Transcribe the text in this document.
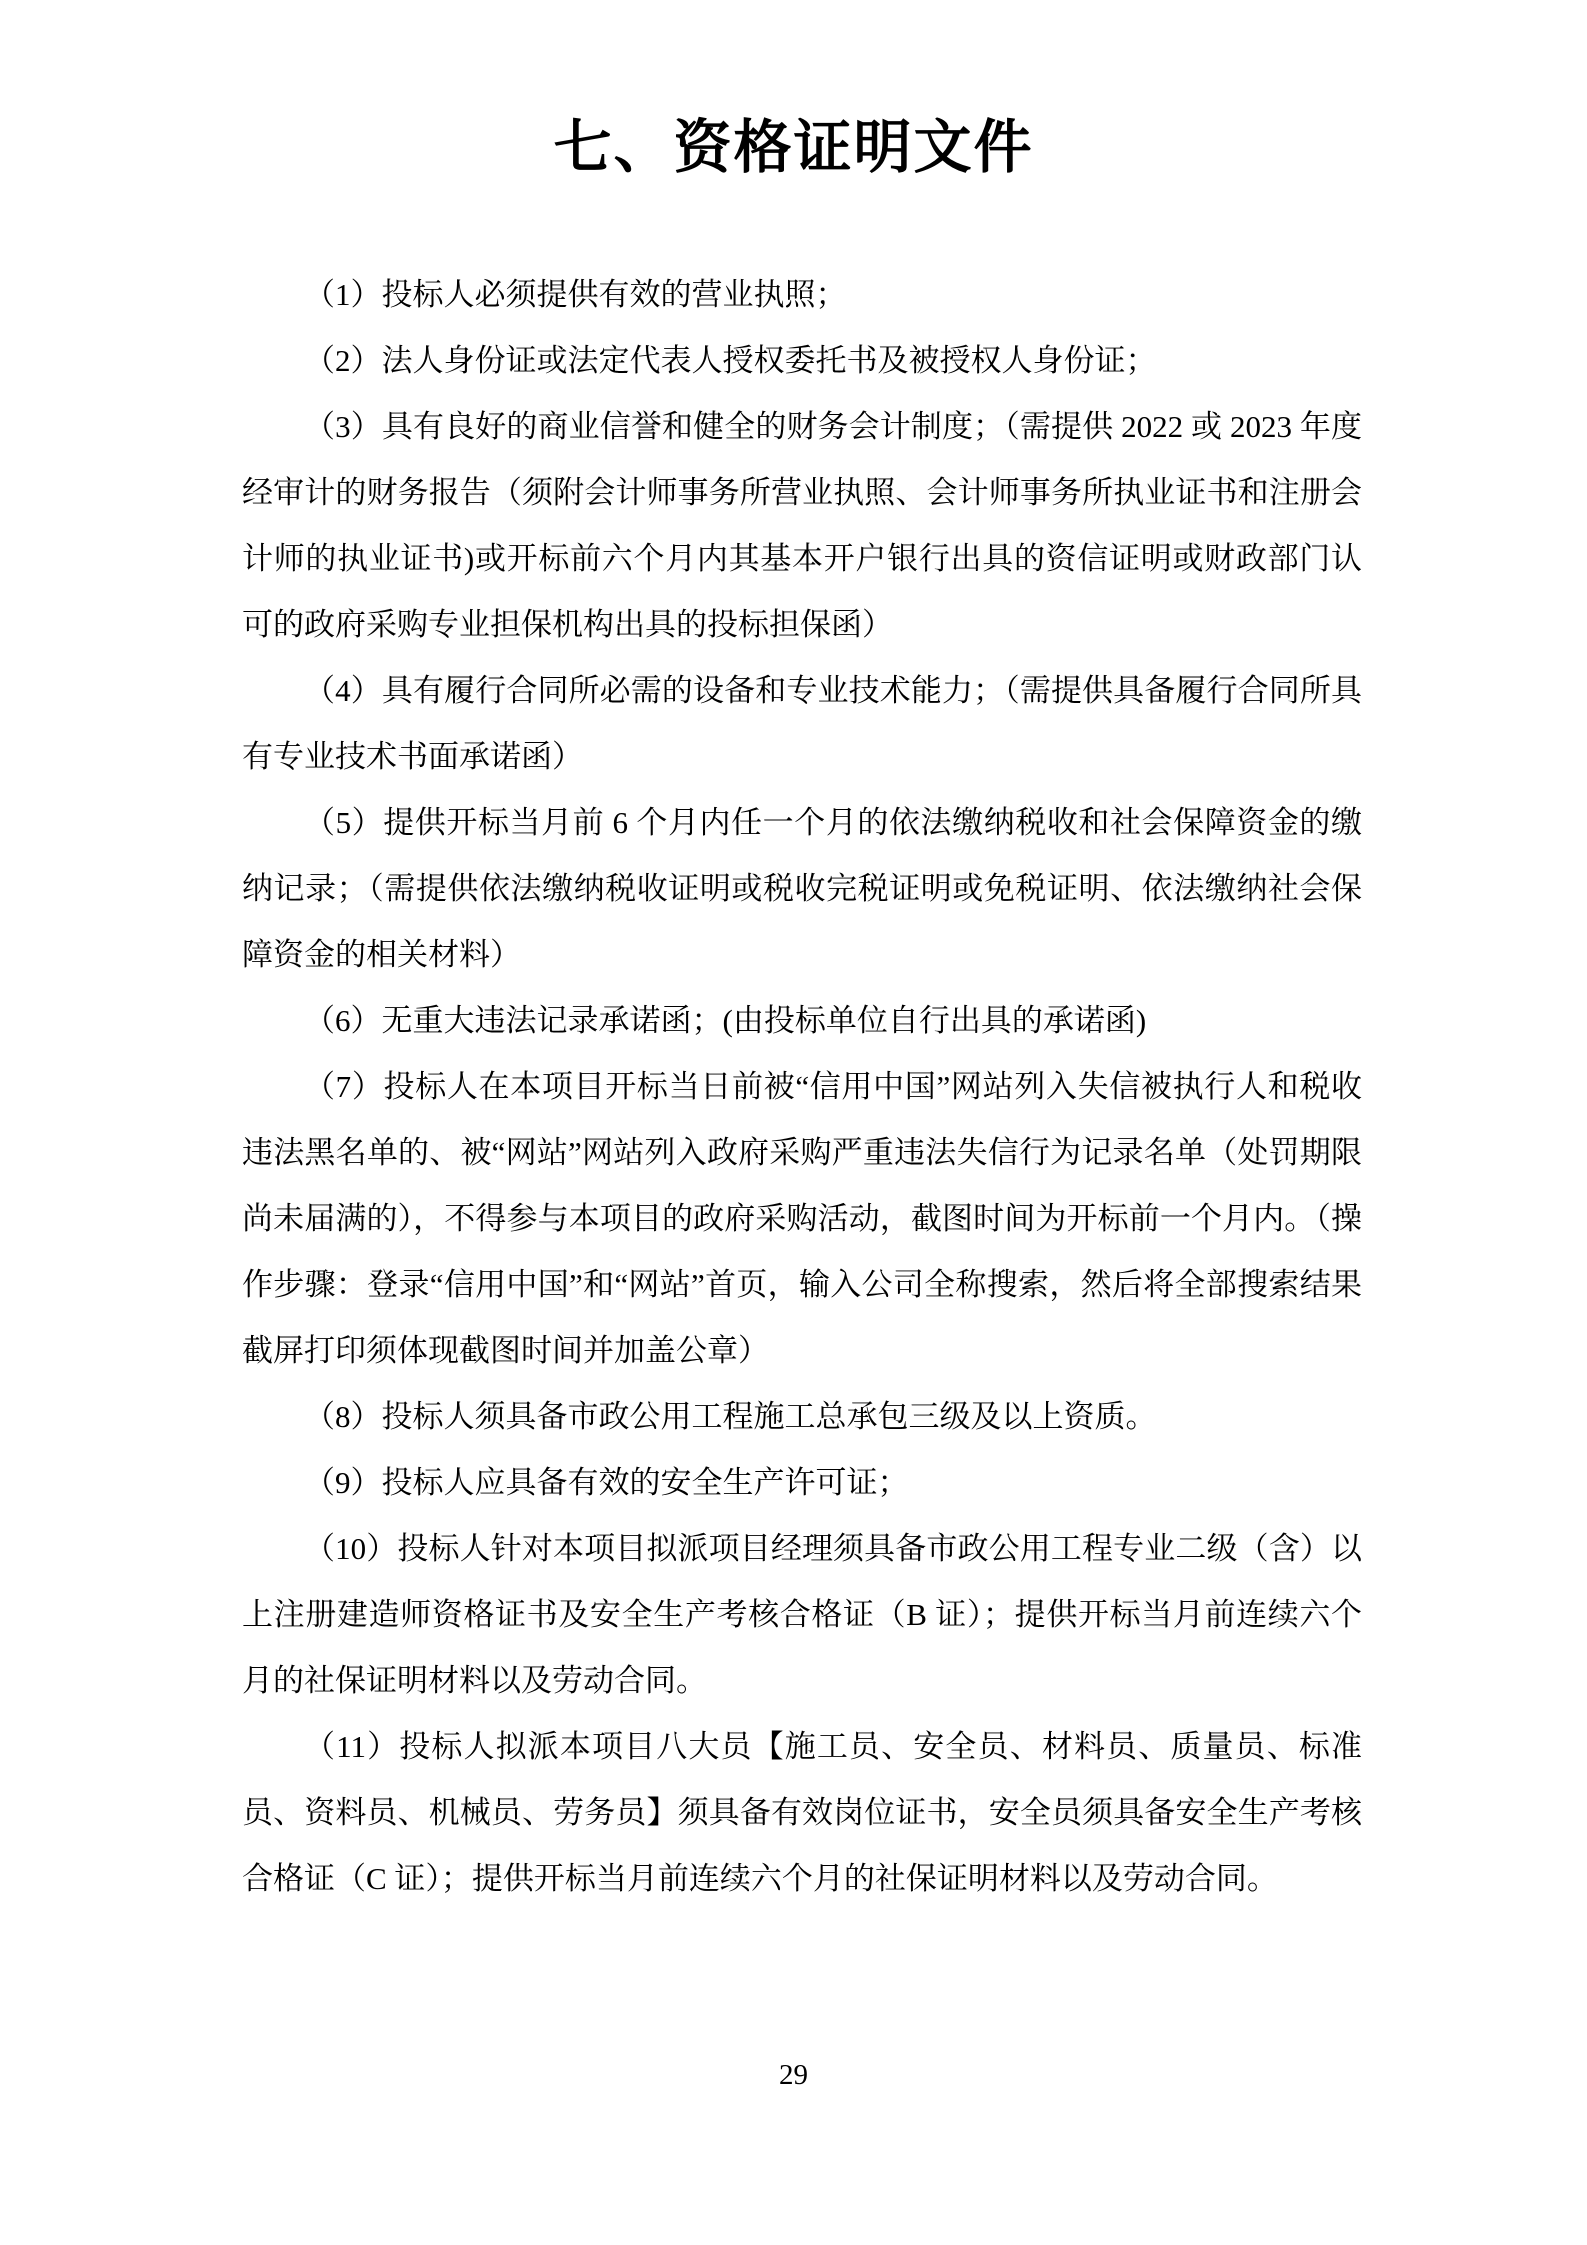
七、资格证明文件

（1）投标人必须提供有效的营业执照；

（2）法人身份证或法定代表人授权委托书及被授权人身份证；

（3）具有良好的商业信誉和健全的财务会计制度；（需提供 2022 或 2023 年度经审计的财务报告（须附会计师事务所营业执照、会计师事务所执业证书和注册会计师的执业证书)或开标前六个月内其基本开户银行出具的资信证明或财政部门认可的政府采购专业担保机构出具的投标担保函）

（4）具有履行合同所必需的设备和专业技术能力；（需提供具备履行合同所具有专业技术书面承诺函）

（5）提供开标当月前 6 个月内任一个月的依法缴纳税收和社会保障资金的缴纳记录；（需提供依法缴纳税收证明或税收完税证明或免税证明、依法缴纳社会保障资金的相关材料）

（6）无重大违法记录承诺函；(由投标单位自行出具的承诺函)

（7）投标人在本项目开标当日前被“信用中国”网站列入失信被执行人和税收违法黑名单的、被“网站”网站列入政府采购严重违法失信行为记录名单（处罚期限尚未届满的），不得参与本项目的政府采购活动，截图时间为开标前一个月内。（操作步骤：登录“信用中国”和“网站”首页，输入公司全称搜索，然后将全部搜索结果截屏打印须体现截图时间并加盖公章）

（8）投标人须具备市政公用工程施工总承包三级及以上资质。

（9）投标人应具备有效的安全生产许可证；

（10）投标人针对本项目拟派项目经理须具备市政公用工程专业二级（含）以上注册建造师资格证书及安全生产考核合格证（B 证）；提供开标当月前连续六个月的社保证明材料以及劳动合同。

（11）投标人拟派本项目八大员【施工员、安全员、材料员、质量员、标准员、资料员、机械员、劳务员】须具备有效岗位证书，安全员须具备安全生产考核合格证（C 证）；提供开标当月前连续六个月的社保证明材料以及劳动合同。

29
